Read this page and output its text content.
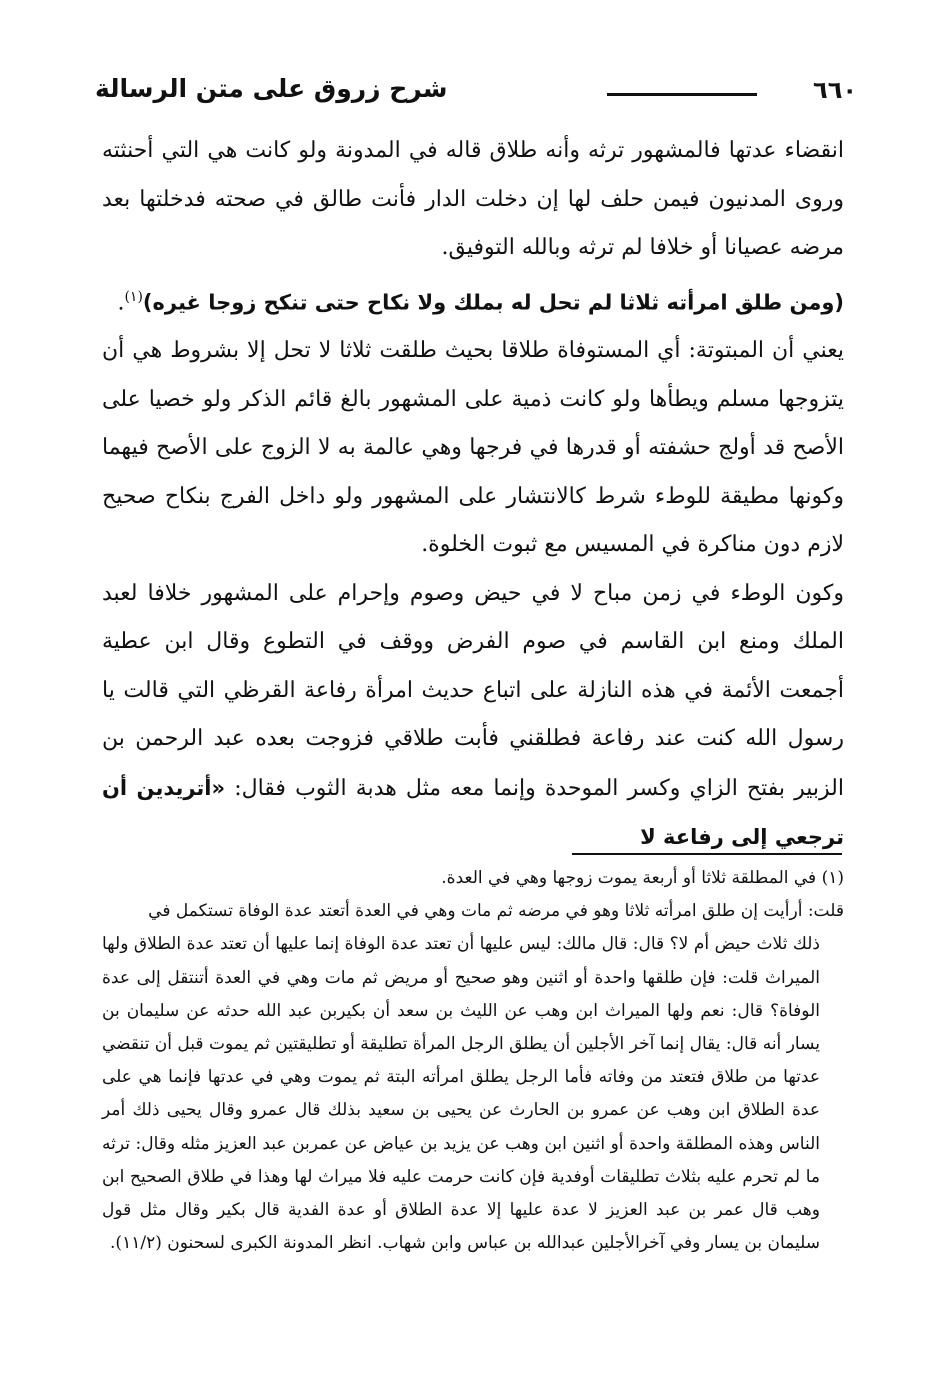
٦٦٠
شرح زروق على متن الرسالة

انقضاء عدتها فالمشهور ترثه وأنه طلاق قاله في المدونة ولو كانت هي التي أحنثته وروى المدنيون فيمن حلف لها إن دخلت الدار فأنت طالق في صحته فدخلتها بعد مرضه عصيانا أو خلافا لم ترثه وبالله التوفيق.

(ومن طلق امرأته ثلاثا لم تحل له بملك ولا نكاح حتى تنكح زوجا غيره)$^{(١)}$.

يعني أن المبتوتة: أي المستوفاة طلاقا بحيث طلقت ثلاثا لا تحل إلا بشروط هي أن يتزوجها مسلم ويطأها ولو كانت ذمية على المشهور بالغ قائم الذكر ولو خصيا على الأصح قد أولج حشفته أو قدرها في فرجها وهي عالمة به لا الزوج على الأصح فيهما وكونها مطيقة للوطء شرط كالانتشار على المشهور ولو داخل الفرج بنكاح صحيح لازم دون مناكرة في المسيس مع ثبوت الخلوة.

وكون الوطء في زمن مباح لا في حيض وصوم وإحرام على المشهور خلافا لعبد الملك ومنع ابن القاسم في صوم الفرض ووقف في التطوع وقال ابن عطية أجمعت الأئمة في هذه النازلة على اتباع حديث امرأة رفاعة القرظي التي قالت يا رسول الله كنت عند رفاعة فطلقني فأبت طلاقي فزوجت بعده عبد الرحمن بن الزبير بفتح الزاي وكسر الموحدة وإنما معه مثل هدبة الثوب فقال: «أتريدين أن ترجعي إلى رفاعة لا

(١) في المطلقة ثلاثا أو أربعة يموت زوجها وهي في العدة.

قلت: أرأيت إن طلق امرأته ثلاثا وهو في مرضه ثم مات وهي في العدة أتعتد عدة الوفاة تستكمل في

ذلك ثلاث حيض أم لا؟ قال: قال مالك: ليس عليها أن تعتد عدة الوفاة إنما عليها أن تعتد عدة الطلاق ولها الميراث قلت: فإن طلقها واحدة أو اثنين وهو صحيح أو مريض ثم مات وهي في العدة أتنتقل إلى عدة الوفاة؟ قال: نعم ولها الميراث ابن وهب عن الليث بن سعد أن بكيربن عبد الله حدثه عن سليمان بن يسار أنه قال: يقال إنما آخر الأجلين أن يطلق الرجل المرأة تطليقة أو تطليقتين ثم يموت قبل أن تنقضي عدتها من طلاق فتعتد من وفاته فأما الرجل يطلق امرأته البتة ثم يموت وهي في عدتها فإنما هي على عدة الطلاق ابن وهب عن عمرو بن الحارث عن يحيى بن سعيد بذلك قال عمرو وقال يحيى ذلك أمر الناس وهذه المطلقة واحدة أو اثنين ابن وهب عن يزيد بن عياض عن عمربن عبد العزيز مثله وقال: ترثه ما لم تحرم عليه بثلاث تطليقات أوفدية فإن كانت حرمت عليه فلا ميراث لها وهذا في طلاق الصحيح ابن وهب قال عمر بن عبد العزيز لا عدة عليها إلا عدة الطلاق أو عدة الفدية قال بكير وقال مثل قول سليمان بن يسار وفي آخرالأجلين عبدالله بن عباس وابن شهاب. انظر المدونة الكبرى لسحنون (١١/٢).
